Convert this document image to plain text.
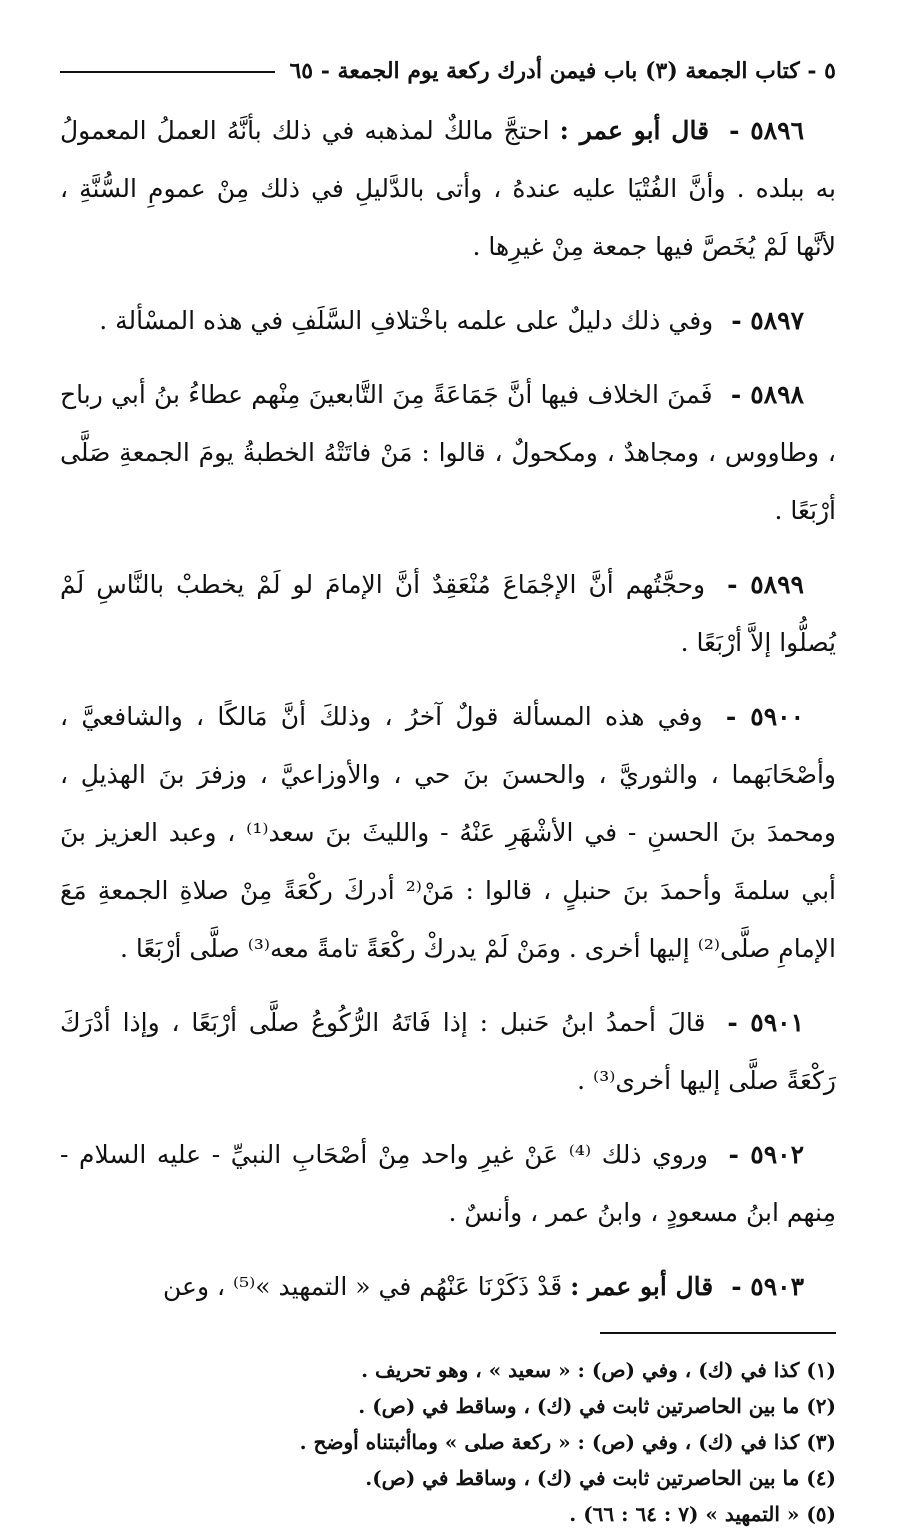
٥ - كتاب الجمعة (٣) باب فيمن أدرك ركعة يوم الجمعة - ٦٥

٥٨٩٦ - قال أبو عمر : احتجَّ مالكٌ لمذهبه في ذلك بأنَّهُ العملُ المعمولُ به ببلده . وأنَّ الفُتْيَا عليه عندهُ ، وأتى بالدَّليلِ في ذلك مِنْ عمومِ السُّنَّةِ ، لأنَّها لَمْ يُخَصَّ فيها جمعة مِنْ غيرِها .

٥٨٩٧ - وفي ذلك دليلٌ على علمه باخْتلافِ السَّلَفِ في هذه المسْألة .

٥٨٩٨ - فَمنَ الخلاف فيها أنَّ جَمَاعَةً مِنَ التَّابعينَ مِنْهم عطاءُ بنُ أبي رباح ، وطاووس ، ومجاهدٌ ، ومكحولٌ ، قالوا : مَنْ فاتَتْهُ الخطبةُ يومَ الجمعةِ صَلَّى أرْبَعًا .

٥٨٩٩ - وحجَّتُهم أنَّ الإجْمَاعَ مُنْعَقِدٌ أنَّ الإمامَ لو لَمْ يخطبْ بالنَّاسِ لَمْ يُصلُّوا إلاَّ أرْبَعًا .

٥٩٠٠ - وفي هذه المسألة قولٌ آخرُ ، وذلكَ أنَّ مَالكًا ، والشافعيَّ ، وأصْحَابَهما ، والثوريَّ ، والحسنَ بنَ حي ، والأوزاعيَّ ، وزفرَ بنَ الهذيلِ ، ومحمدَ بنَ الحسنِ - في الأشْهَرِ عَنْهُ - والليثَ بنَ سعد⁽¹⁾ ، وعبد العزيز بنَ أبي سلمةَ وأحمدَ بنَ حنبلٍ ، قالوا : مَنْ⁽² أدركَ ركْعَةً مِنْ صلاةِ الجمعةِ مَعَ الإمامِ صلَّى⁽²⁾ إليها أخرى . ومَنْ لَمْ يدركْ ركْعَةً تامةً معه⁽³⁾ صلَّى أرْبَعًا .

٥٩٠١ - قالَ أحمدُ ابنُ حَنبل : إذا فَاتَهُ الرُّكُوعُ صلَّى أرْبَعًا ، وإذا أدْرَكَ رَكْعَةً صلَّى إليها أخرى⁽³⁾ .

٥٩٠٢ - وروي ذلك ⁽⁴⁾ عَنْ غيرِ واحد مِنْ أصْحَابِ النبيِّ - عليه السلام - مِنهم ابنُ مسعودٍ ، وابنُ عمر ، وأنسٌ .

٥٩٠٣ - قال أبو عمر : قَدْ ذَكَرْنَا عَنْهُم في « التمهيد »⁽⁵⁾ ، وعن

(١) كذا في (ك) ، وفي (ص) : « سعيد » ، وهو تحريف .

(٢) ما بين الحاصرتين ثابت في (ك) ، وساقط في (ص) .

(٣) كذا في (ك) ، وفي (ص) : « ركعة صلى » وماأثبتناه أوضح .

(٤) ما بين الحاصرتين ثابت في (ك) ، وساقط في (ص).

(٥) « التمهيد » (٧ : ٦٤ : ٦٦) .
